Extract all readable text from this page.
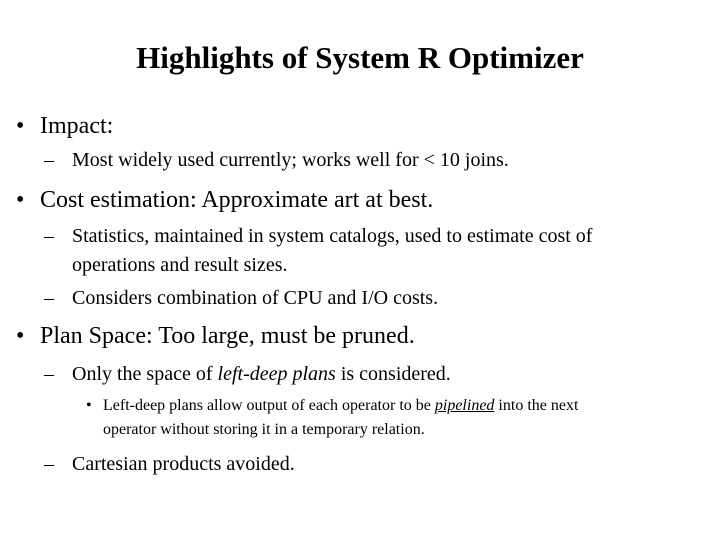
Highlights of System R Optimizer
• Impact:
– Most widely used currently; works well for < 10 joins.
• Cost estimation: Approximate art at best.
– Statistics, maintained in system catalogs, used to estimate cost of
operations and result sizes.
– Considers combination of CPU and I/O costs.
• Plan Space: Too large, must be pruned.
– Only the space of left-deep plans is considered.
• Left-deep plans allow output of each operator to be pipelined into the next
operator without storing it in a temporary relation.
– Cartesian products avoided.
